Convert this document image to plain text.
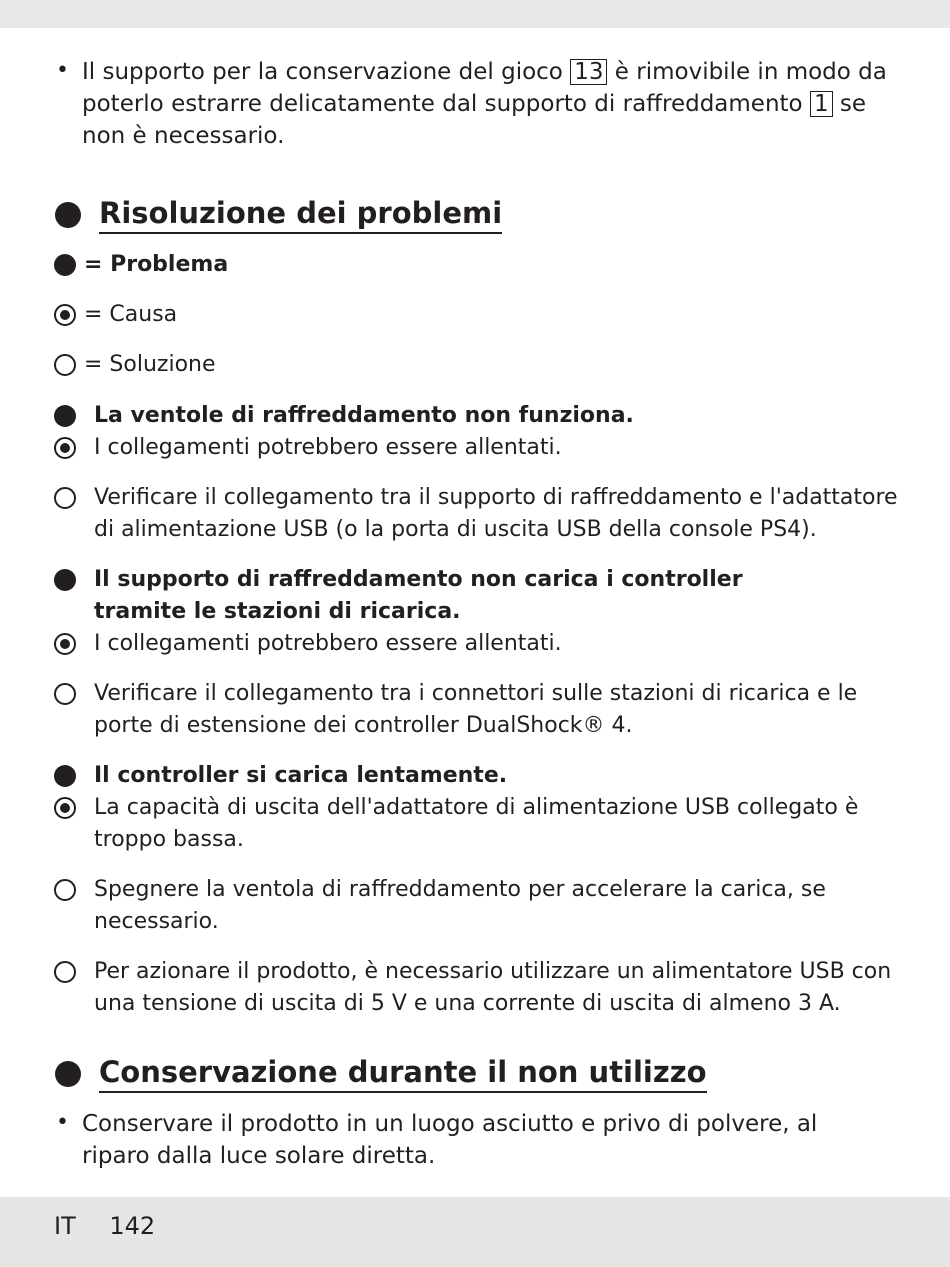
• Il supporto per la conservazione del gioco 13 è rimovibile in modo da poterlo estrarre delicatamente dal supporto di raffreddamento 1 se non è necessario.
Risoluzione dei problemi
= Problema
= Causa
= Soluzione
La ventole di raffreddamento non funziona.
I collegamenti potrebbero essere allentati.
Verificare il collegamento tra il supporto di raffreddamento e l'adattatore di alimentazione USB (o la porta di uscita USB della console PS4).
Il supporto di raffreddamento non carica i controller tramite le stazioni di ricarica.
I collegamenti potrebbero essere allentati.
Verificare il collegamento tra i connettori sulle stazioni di ricarica e le porte di estensione dei controller DualShock® 4.
Il controller si carica lentamente.
La capacità di uscita dell'adattatore di alimentazione USB collegato è troppo bassa.
Spegnere la ventola di raffreddamento per accelerare la carica, se necessario.
Per azionare il prodotto, è necessario utilizzare un alimentatore USB con una tensione di uscita di 5 V e una corrente di uscita di almeno 3 A.
Conservazione durante il non utilizzo
• Conservare il prodotto in un luogo asciutto e privo di polvere, al riparo dalla luce solare diretta.
IT 142
